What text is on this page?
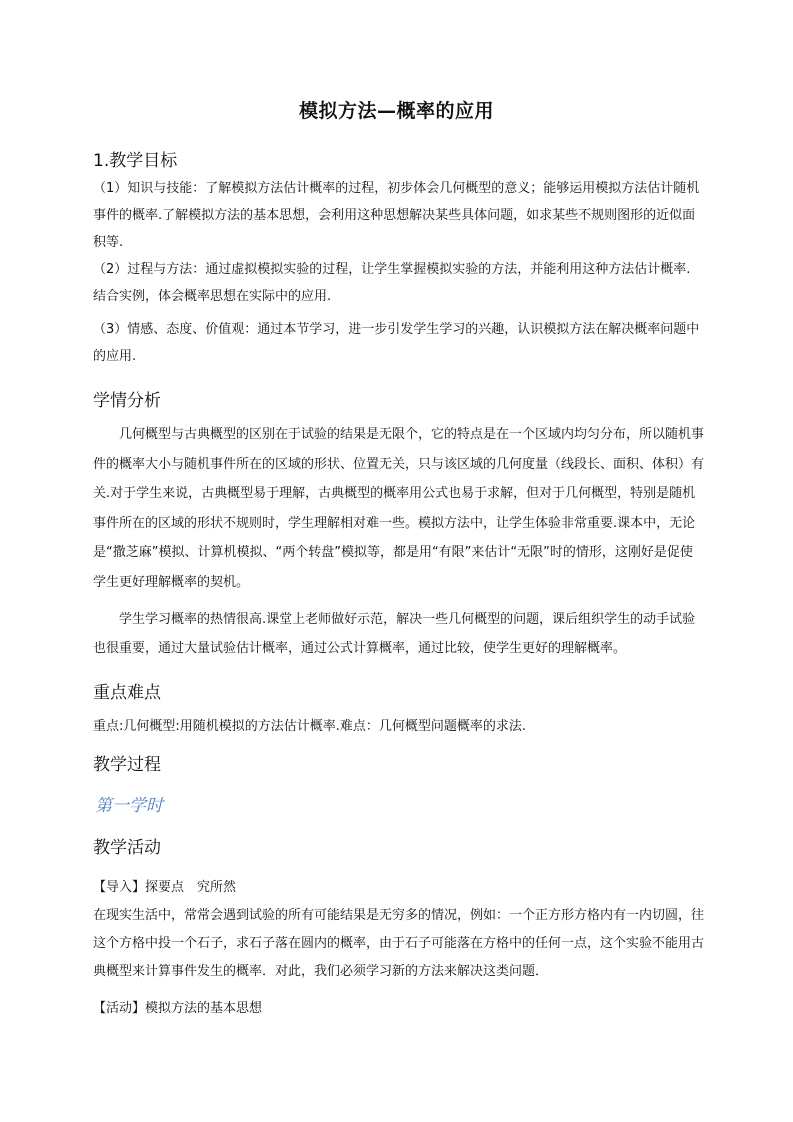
模拟方法—概率的应用
1.教学目标
（1）知识与技能：了解模拟方法估计概率的过程，初步体会几何概型的意义；能够运用模拟方法估计随机事件的概率.了解模拟方法的基本思想，会利用这种思想解决某些具体问题，如求某些不规则图形的近似面积等.
（2）过程与方法：通过虚拟模拟实验的过程，让学生掌握模拟实验的方法，并能利用这种方法估计概率. 结合实例，体会概率思想在实际中的应用.
（3）情感、态度、价值观：通过本节学习，进一步引发学生学习的兴趣，认识模拟方法在解决概率问题中的应用.
学情分析
几何概型与古典概型的区别在于试验的结果是无限个，它的特点是在一个区域内均匀分布，所以随机事件的概率大小与随机事件所在的区域的形状、位置无关，只与该区域的几何度量（线段长、面积、体积）有关.对于学生来说，古典概型易于理解，古典概型的概率用公式也易于求解，但对于几何概型，特别是随机事件所在的区域的形状不规则时，学生理解相对难一些。模拟方法中，让学生体验非常重要.课本中，无论是“撒芝麻”模拟、计算机模拟、“两个转盘”模拟等，都是用“有限”来估计“无限”时的情形，这刚好是促使学生更好理解概率的契机。
学生学习概率的热情很高.课堂上老师做好示范，解决一些几何概型的问题，课后组织学生的动手试验也很重要，通过大量试验估计概率，通过公式计算概率，通过比较，使学生更好的理解概率。
重点难点
重点:几何概型:用随机模拟的方法估计概率.难点：几何概型问题概率的求法.
教学过程
第一学时
教学活动
【导入】探要点　究所然
在现实生活中，常常会遇到试验的所有可能结果是无穷多的情况，例如：一个正方形方格内有一内切圆，往这个方格中投一个石子，求石子落在圆内的概率，由于石子可能落在方格中的任何一点，这个实验不能用古典概型来计算事件发生的概率．对此，我们必须学习新的方法来解决这类问题．
【活动】模拟方法的基本思想
